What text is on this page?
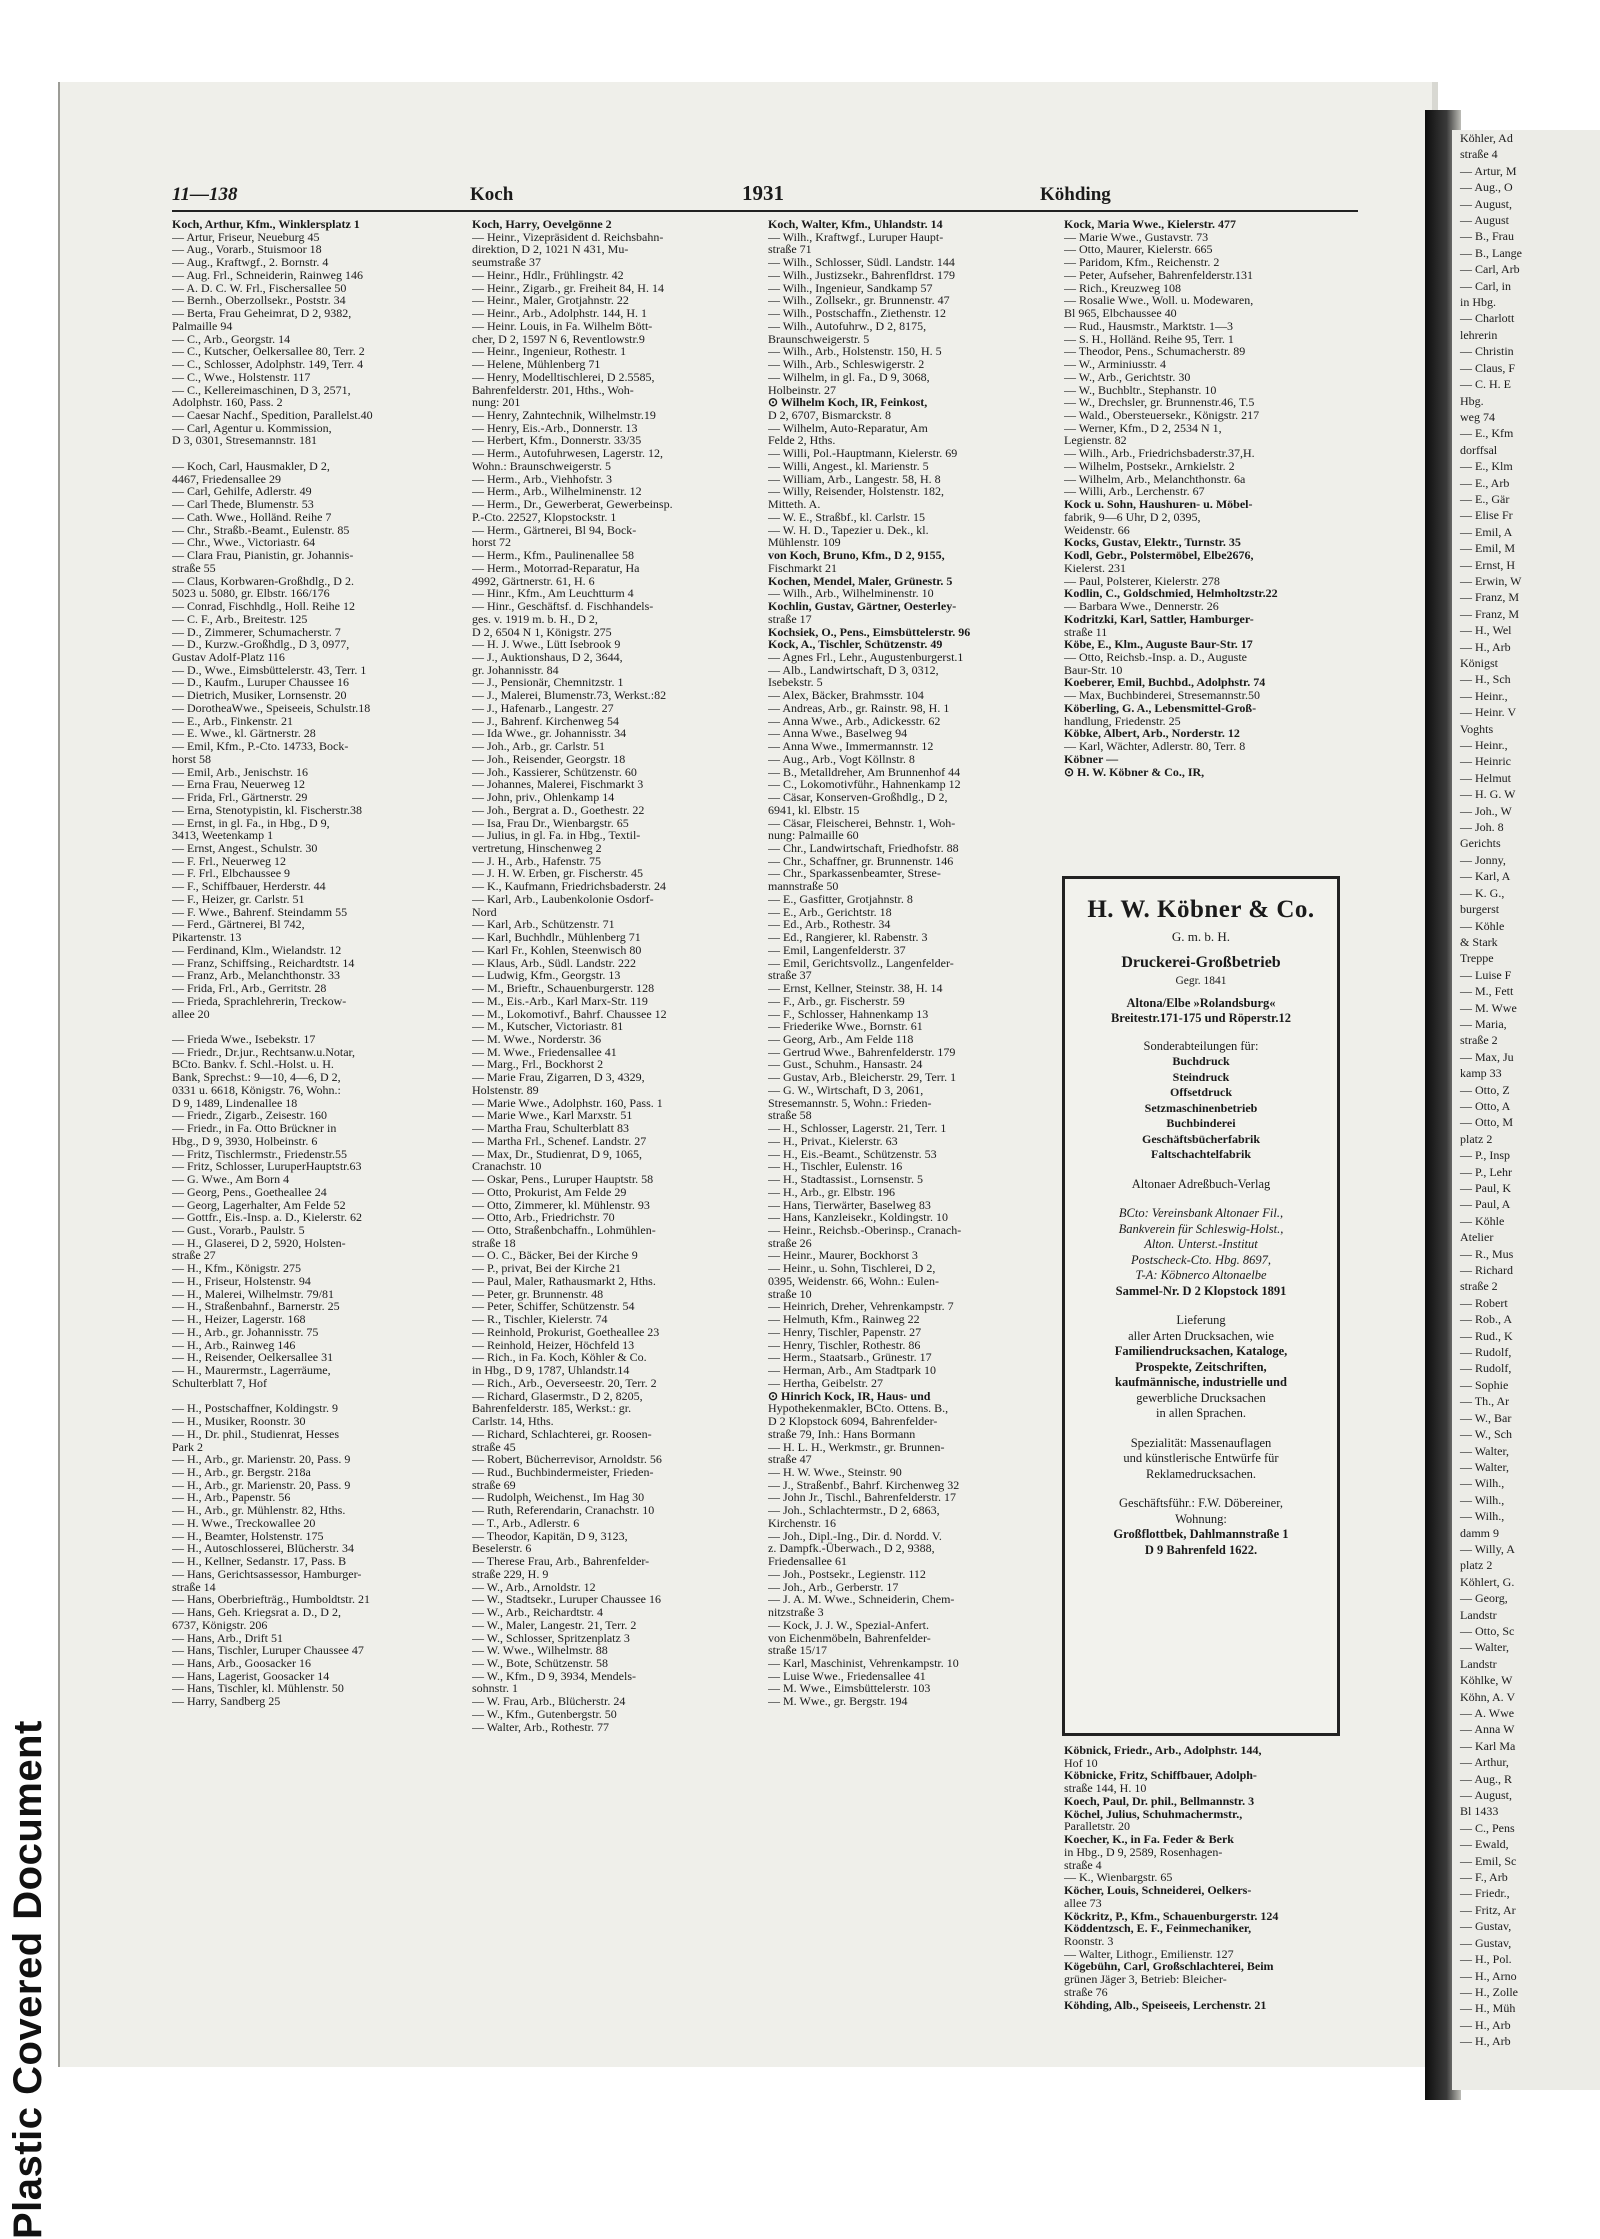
Plastic Covered Document
Köhler, Ad
straße 4
— Artur, M
— Aug., O
— August,
— August
— B., Frau
— B., Lange
— Carl, Arb
— Carl, in
in Hbg.
— Charlott
lehrerin
— Christin
— Claus, F
— C. H. E
Hbg.
weg 74
— E., Kfm
dorffsal
— E., Klm
— E., Arb
— E., Gär
— Elise Fr
— Emil, A
— Emil, M
— Ernst, H
— Erwin, W
— Franz, M
— Franz, M
— H., Wel
— H., Arb
Königst
— H., Sch
— Heinr.,
— Heinr. V
Voghts
— Heinr.,
— Heinric
— Helmut
— H. G. W
— Joh., W
— Joh. 8
Gerichts
— Jonny,
— Karl, A
— K. G.,
burgerst
— Köhle
& Stark
Treppe
— Luise F
— M., Fett
— M. Wwe
— Maria,
straße 2
— Max, Ju
kamp 33
— Otto, Z
— Otto, A
— Otto, M
platz 2
— P., Insp
— P., Lehr
— Paul, K
— Paul, A
— Köhle
Atelier
— R., Mus
— Richard
straße 2
— Robert
— Rob., A
— Rud., K
— Rudolf,
— Rudolf,
— Sophie
— Th., Ar
— W., Bar
— W., Sch
— Walter,
— Walter,
— Wilh.,
— Wilh.,
— Wilh.,
damm 9
— Willy, A
platz 2
Köhlert, G.
— Georg,
Landstr
— Otto, Sc
— Walter,
Landstr
Köhlke, W
Köhn, A. V
— A. Wwe
— Anna W
— Karl Ma
— Arthur,
— Aug., R
— August,
Bl 1433
— C., Pens
— Ewald,
— Emil, Sc
— F., Arb
— Friedr.,
— Fritz, Ar
— Gustav,
— Gustav,
— H., Pol.
— H., Arno
— H., Zolle
— H., Müh
— H., Arb
— H., Arb
11—138	Koch	1931	Köhding
Koch, Arthur, Kfm., Winklersplatz 1
— Artur, Friseur, Neueburg 45
— Aug., Vorarb., Stuismoor 18
— Aug., Kraftwgf., 2. Bornstr. 4
— Aug. Frl., Schneiderin, Rainweg 146
— A. D. C. W. Frl., Fischersallee 50
— Bernh., Oberzollsekr., Poststr. 34
— Berta, Frau Geheimrat, D 2, 9382,
Palmaille 94
— C., Arb., Georgstr. 14
— C., Kutscher, Oelkersallee 80, Terr. 2
— C., Schlosser, Adolphstr. 149, Terr. 4
— C., Wwe., Holstenstr. 117
— C., Kellereimaschinen, D 3, 2571,
Adolphstr. 160, Pass. 2
— Caesar Nachf., Spedition, Parallelst.40
— Carl, Agentur u. Kommission,
D 3, 0301, Stresemannstr. 181
— Koch, Carl, Hausmakler, D 2,
4467, Friedensallee 29
— Carl, Gehilfe, Adlerstr. 49
— Carl Thede, Blumenstr. 53
— Cath. Wwe., Holländ. Reihe 7
— Chr., Straßb.-Beamt., Eulenstr. 85
— Chr., Wwe., Victoriastr. 64
— Clara Frau, Pianistin, gr. Johannis-
straße 55
— Claus, Korbwaren-Großhdlg., D 2.
5023 u. 5080, gr. Elbstr. 166/176
— Conrad, Fischhdlg., Holl. Reihe 12
— C. F., Arb., Breitestr. 125
— D., Zimmerer, Schumacherstr. 7
— D., Kurzw.-Großhdlg., D 3, 0977,
Gustav Adolf-Platz 116
— D., Wwe., Eimsbüttelerstr. 43, Terr. 1
— D., Kaufm., Luruper Chaussee 16
— Dietrich, Musiker, Lornsenstr. 20
— DorotheaWwe., Speiseeis, Schulstr.18
— E., Arb., Finkenstr. 21
— E. Wwe., kl. Gärtnerstr. 28
— Emil, Kfm., P.-Cto. 14733, Bock-
horst 58
— Emil, Arb., Jenischstr. 16
— Erna Frau, Neuerweg 12
— Frida, Frl., Gärtnerstr. 29
— Erna, Stenotypistin, kl. Fischerstr.38
— Ernst, in gl. Fa., in Hbg., D 9,
3413, Weetenkamp 1
— Ernst, Angest., Schulstr. 30
— F. Frl., Neuerweg 12
— F. Frl., Elbchaussee 9
— F., Schiffbauer, Herderstr. 44
— F., Heizer, gr. Carlstr. 51
— F. Wwe., Bahrenf. Steindamm 55
— Ferd., Gärtnerei, Bl 742,
Pikartenstr. 13
— Ferdinand, Klm., Wielandstr. 12
— Franz, Schiffsing., Reichardtstr. 14
— Franz, Arb., Melanchthonstr. 33
— Frida, Frl., Arb., Gerritstr. 28
— Frieda, Sprachlehrerin, Treckow-
allee 20
— Frieda Wwe., Isebekstr. 17
— Friedr., Dr.jur., Rechtsanw.u.Notar,
BCto. Bankv. f. Schl.-Holst. u. H.
Bank, Sprechst.: 9—10, 4—6, D 2,
0331 u. 6618, Königstr. 76, Wohn.:
D 9, 1489, Lindenallee 18
— Friedr., Zigarb., Zeisestr. 160
— Friedr., in Fa. Otto Brückner in
Hbg., D 9, 3930, Holbeinstr. 6
— Fritz, Tischlermstr., Friedenstr.55
— Fritz, Schlosser, LuruperHauptstr.63
— G. Wwe., Am Born 4
— Georg, Pens., Goetheallee 24
— Georg, Lagerhalter, Am Felde 52
— Gottfr., Eis.-Insp. a. D., Kielerstr. 62
— Gust., Vorarb., Paulstr. 5
— H., Glaserei, D 2, 5920, Holsten-
straße 27
— H., Kfm., Königstr. 275
— H., Friseur, Holstenstr. 94
— H., Malerei, Wilhelmstr. 79/81
— H., Straßenbahnf., Barnerstr. 25
— H., Heizer, Lagerstr. 168
— H., Arb., gr. Johannisstr. 75
— H., Arb., Rainweg 146
— H., Reisender, Oelkersallee 31
— H., Maurermstr., Lagerräume,
Schulterblatt 7, Hof
— H., Postschaffner, Koldingstr. 9
— H., Musiker, Roonstr. 30
— H., Dr. phil., Studienrat, Hesses
Park 2
— H., Arb., gr. Marienstr. 20, Pass. 9
— H., Arb., gr. Bergstr. 218a
— H., Arb., gr. Marienstr. 20, Pass. 9
— H., Arb., Papenstr. 56
— H., Arb., gr. Mühlenstr. 82, Hths.
— H. Wwe., Treckowallee 20
— H., Beamter, Holstenstr. 175
— H., Autoschlosserei, Blücherstr. 34
— H., Kellner, Sedanstr. 17, Pass. B
— Hans, Gerichtsassessor, Hamburger-
straße 14
— Hans, Oberbriefträg., Humboldtstr. 21
— Hans, Geh. Kriegsrat a. D., D 2,
6737, Königstr. 206
— Hans, Arb., Drift 51
— Hans, Tischler, Luruper Chaussee 47
— Hans, Arb., Goosacker 16
— Hans, Lagerist, Goosacker 14
— Hans, Tischler, kl. Mühlenstr. 50
— Harry, Sandberg 25
Koch, Harry, Oevelgönne 2
— Heinr., Vizepräsident d. Reichsbahn-
direktion, D 2, 1021 N 431, Mu-
seumstraße 37
— Heinr., Hdlr., Frühlingstr. 42
— Heinr., Zigarb., gr. Freiheit 84, H. 14
— Heinr., Maler, Grotjahnstr. 22
— Heinr., Arb., Adolphstr. 144, H. 1
— Heinr. Louis, in Fa. Wilhelm Bött-
cher, D 2, 1597 N 6, Reventlowstr.9
— Heinr., Ingenieur, Rothestr. 1
— Helene, Mühlenberg 71
— Henry, Modelltischlerei, D 2.5585,
Bahrenfelderstr. 201, Hths., Woh-
nung: 201
— Henry, Zahntechnik, Wilhelmstr.19
— Henry, Eis.-Arb., Donnerstr. 13
— Herbert, Kfm., Donnerstr. 33/35
— Herm., Autofuhrwesen, Lagerstr. 12,
Wohn.: Braunschweigerstr. 5
— Herm., Arb., Viehhofstr. 3
— Herm., Arb., Wilhelminenstr. 12
— Herm., Dr., Gewerberat, Gewerbeinsp.
P.-Cto. 22527, Klopstockstr. 1
— Herm., Gärtnerei, Bl 94, Bock-
horst 72
— Herm., Kfm., Paulinenallee 58
— Herm., Motorrad-Reparatur, Ha
4992, Gärtnerstr. 61, H. 6
— Hinr., Kfm., Am Leuchtturm 4
— Hinr., Geschäftsf. d. Fischhandels-
ges. v. 1919 m. b. H., D 2,
D 2, 6504 N 1, Königstr. 275
— H. J. Wwe., Lütt Isebrook 9
— J., Auktionshaus, D 2, 3644,
gr. Johannisstr. 84
— J., Pensionär, Chemnitzstr. 1
— J., Malerei, Blumenstr.73, Werkst.:82
— J., Hafenarb., Langestr. 27
— J., Bahrenf. Kirchenweg 54
— Ida Wwe., gr. Johannisstr. 34
— Joh., Arb., gr. Carlstr. 51
— Joh., Reisender, Georgstr. 18
— Joh., Kassierer, Schützenstr. 60
— Johannes, Malerei, Fischmarkt 3
— John, priv., Ohlenkamp 14
— Joh., Bergrat a. D., Goethestr. 22
— Isa, Frau Dr., Wienbargstr. 65
— Julius, in gl. Fa. in Hbg., Textil-
vertretung, Hinschenweg 2
— J. H., Arb., Hafenstr. 75
— J. H. W. Erben, gr. Fischerstr. 45
— K., Kaufmann, Friedrichsbaderstr. 24
— Karl, Arb., Laubenkolonie Osdorf-
Nord
— Karl, Arb., Schützenstr. 71
— Karl, Buchhdlr., Mühlenberg 71
— Karl Fr., Kohlen, Steenwisch 80
— Klaus, Arb., Südl. Landstr. 222
— Ludwig, Kfm., Georgstr. 13
— M., Brieftr., Schauenburgerstr. 128
— M., Eis.-Arb., Karl Marx-Str. 119
— M., Lokomotivf., Bahrf. Chaussee 12
— M., Kutscher, Victoriastr. 81
— M. Wwe., Norderstr. 36
— M. Wwe., Friedensallee 41
— Marg., Frl., Bockhorst 2
— Marie Frau, Zigarren, D 3, 4329,
Holstenstr. 89
— Marie Wwe., Adolphstr. 160, Pass. 1
— Marie Wwe., Karl Marxstr. 51
— Martha Frau, Schulterblatt 83
— Martha Frl., Schenef. Landstr. 27
— Max, Dr., Studienrat, D 9, 1065,
Cranachstr. 10
— Oskar, Pens., Luruper Hauptstr. 58
— Otto, Prokurist, Am Felde 29
— Otto, Zimmerer, kl. Mühlenstr. 93
— Otto, Arb., Friedrichstr. 70
— Otto, Straßenbchaffn., Lohmühlen-
straße 18
— O. C., Bäcker, Bei der Kirche 9
— P., privat, Bei der Kirche 21
— Paul, Maler, Rathausmarkt 2, Hths.
— Peter, gr. Brunnenstr. 48
— Peter, Schiffer, Schützenstr. 54
— R., Tischler, Kielerstr. 74
— Reinhold, Prokurist, Goetheallee 23
— Reinhold, Heizer, Höchfeld 13
— Rich., in Fa. Koch, Köhler & Co.
in Hbg., D 9, 1787, Uhlandstr.14
— Rich., Arb., Oeverseestr. 20, Terr. 2
— Richard, Glasermstr., D 2, 8205,
Bahrenfelderstr. 185, Werkst.: gr.
Carlstr. 14, Hths.
— Richard, Schlachterei, gr. Roosen-
straße 45
— Robert, Bücherrevisor, Arnoldstr. 56
— Rud., Buchbindermeister, Frieden-
straße 69
— Rudolph, Weichenst., Im Hag 30
— Ruth, Referendarin, Cranachstr. 10
— T., Arb., Adlerstr. 6
— Theodor, Kapitän, D 9, 3123,
Beselerstr. 6
— Therese Frau, Arb., Bahrenfelder-
straße 229, H. 9
— W., Arb., Arnoldstr. 12
— W., Stadtsekr., Luruper Chaussee 16
— W., Arb., Reichardtstr. 4
— W., Maler, Langestr. 21, Terr. 2
— W., Schlosser, Spritzenplatz 3
— W. Wwe., Wilhelmstr. 88
— W., Bote, Schützenstr. 58
— W., Kfm., D 9, 3934, Mendels-
sohnstr. 1
— W. Frau, Arb., Blücherstr. 24
— W., Kfm., Gutenbergstr. 50
— Walter, Arb., Rothestr. 77
Koch, Walter, Kfm., Uhlandstr. 14
— Wilh., Kraftwgf., Luruper Haupt-
straße 71
— Wilh., Schlosser, Südl. Landstr. 144
— Wilh., Justizsekr., Bahrenfldrst. 179
— Wilh., Ingenieur, Sandkamp 57
— Wilh., Zollsekr., gr. Brunnenstr. 47
— Wilh., Postschaffn., Ziethenstr. 12
— Wilh., Autofuhrw., D 2, 8175,
Braunschweigerstr. 5
— Wilh., Arb., Holstenstr. 150, H. 5
— Wilh., Arb., Schleswigerstr. 2
— Wilhelm, in gl. Fa., D 9, 3068,
Holbeinstr. 27
⊙ Wilhelm Koch, IR, Feinkost,
D 2, 6707, Bismarckstr. 8
— Wilhelm, Auto-Reparatur, Am
Felde 2, Hths.
— Willi, Pol.-Hauptmann, Kielerstr. 69
— Willi, Angest., kl. Marienstr. 5
— William, Arb., Langestr. 58, H. 8
— Willy, Reisender, Holstenstr. 182,
Mitteth. A.
— W. E., Straßbf., kl. Carlstr. 15
— W. H. D., Tapezier u. Dek., kl.
Mühlenstr. 109
von Koch, Bruno, Kfm., D 2, 9155,
Fischmarkt 21
Kochen, Mendel, Maler, Grünestr. 5
— Wilh., Arb., Wilhelminenstr. 10
Kochlin, Gustav, Gärtner, Oesterley-
straße 17
Kochsiek, O., Pens., Eimsbüttelerstr. 96
Kock, A., Tischler, Schützenstr. 49
— Agnes Frl., Lehr., Augustenburgerst.1
— Alb., Landwirtschaft, D 3, 0312,
Isebekstr. 5
— Alex, Bäcker, Brahmsstr. 104
— Andreas, Arb., gr. Rainstr. 98, H. 1
— Anna Wwe., Arb., Adickesstr. 62
— Anna Wwe., Baselweg 94
— Anna Wwe., Immermannstr. 12
— Aug., Arb., Vogt Köllnstr. 8
— B., Metalldreher, Am Brunnenhof 44
— C., Lokomotivführ., Hahnenkamp 12
— Cäsar, Konserven-Großhdlg., D 2,
6941, kl. Elbstr. 15
— Cäsar, Fleischerei, Behnstr. 1, Woh-
nung: Palmaille 60
— Chr., Landwirtschaft, Friedhofstr. 88
— Chr., Schaffner, gr. Brunnenstr. 146
— Chr., Sparkassenbeamter, Strese-
mannstraße 50
— E., Gasfitter, Grotjahnstr. 8
— E., Arb., Gerichtstr. 18
— Ed., Arb., Rothestr. 34
— Ed., Rangierer, kl. Rabenstr. 3
— Emil, Langenfelderstr. 37
— Emil, Gerichtsvollz., Langenfelder-
straße 37
— Ernst, Kellner, Steinstr. 38, H. 14
— F., Arb., gr. Fischerstr. 59
— F., Schlosser, Hahnenkamp 13
— Friederike Wwe., Bornstr. 61
— Georg, Arb., Am Felde 118
— Gertrud Wwe., Bahrenfelderstr. 179
— Gust., Schuhm., Hansastr. 24
— Gustav, Arb., Bleicherstr. 29, Terr. 1
— G. W., Wirtschaft, D 3, 2061,
Stresemannstr. 5, Wohn.: Frieden-
straße 58
— H., Schlosser, Lagerstr. 21, Terr. 1
— H., Privat., Kielerstr. 63
— H., Eis.-Beamt., Schützenstr. 53
— H., Tischler, Eulenstr. 16
— H., Stadtassist., Lornsenstr. 5
— H., Arb., gr. Elbstr. 196
— Hans, Tierwärter, Baselweg 83
— Hans, Kanzleisekr., Koldingstr. 10
— Heinr., Reichsb.-Oberinsp., Cranach-
straße 26
— Heinr., Maurer, Bockhorst 3
— Heinr., u. Sohn, Tischlerei, D 2,
0395, Weidenstr. 66, Wohn.: Eulen-
straße 10
— Heinrich, Dreher, Vehrenkampstr. 7
— Helmuth, Kfm., Rainweg 22
— Henry, Tischler, Papenstr. 27
— Henry, Tischler, Rothestr. 86
— Herm., Staatsarb., Grünestr. 17
— Herman, Arb., Am Stadtpark 10
— Hertha, Geibelstr. 27
⊙ Hinrich Kock, IR, Haus- und
Hypothekenmakler, BCto. Ottens. B.,
D 2 Klopstock 6094, Bahrenfelder-
straße 79, Inh.: Hans Bormann
— H. L. H., Werkmstr., gr. Brunnen-
straße 47
— H. W. Wwe., Steinstr. 90
— J., Straßenbf., Bahrf. Kirchenweg 32
— John Jr., Tischl., Bahrenfelderstr. 17
— Joh., Schlachtermstr., D 2, 6863,
Kirchenstr. 16
— Joh., Dipl.-Ing., Dir. d. Nordd. V.
z. Dampfk.-Überwach., D 2, 9388,
Friedensallee 61
— Joh., Postsekr., Legienstr. 112
— Joh., Arb., Gerberstr. 17
— J. A. M. Wwe., Schneiderin, Chem-
nitzstraße 3
— Kock, J. J. W., Spezial-Anfert.
von Eichenmöbeln, Bahrenfelder-
straße 15/17
— Karl, Maschinist, Vehrenkampstr. 10
— Luise Wwe., Friedensallee 41
— M. Wwe., Eimsbüttelerstr. 103
— M. Wwe., gr. Bergstr. 194
Kock, Maria Wwe., Kielerstr. 477
— Marie Wwe., Gustavstr. 73
— Otto, Maurer, Kielerstr. 665
— Paridom, Kfm., Reichenstr. 2
— Peter, Aufseher, Bahrenfelderstr.131
— Rich., Kreuzweg 108
— Rosalie Wwe., Woll. u. Modewaren,
Bl 965, Elbchaussee 40
— Rud., Hausmstr., Marktstr. 1—3
— S. H., Holländ. Reihe 95, Terr. 1
— Theodor, Pens., Schumacherstr. 89
— W., Arminiusstr. 4
— W., Arb., Gerichtstr. 30
— W., Buchbltr., Stephanstr. 10
— W., Drechsler, gr. Brunnenstr.46, T.5
— Wald., Obersteuersekr., Königstr. 217
— Werner, Kfm., D 2, 2534 N 1,
Legienstr. 82
— Wilh., Arb., Friedrichsbaderstr.37,H.
— Wilhelm, Postsekr., Arnkielstr. 2
— Wilhelm, Arb., Melanchthonstr. 6a
— Willi, Arb., Lerchenstr. 67
Kock u. Sohn, Haushuren- u. Möbel-
fabrik, 9—6 Uhr, D 2, 0395,
Weidenstr. 66
Kocks, Gustav, Elektr., Turnstr. 35
Kodl, Gebr., Polstermöbel, Elbe2676,
Kielerst. 231
— Paul, Polsterer, Kielerstr. 278
Kodlin, C., Goldschmied, Helmholtzstr.22
— Barbara Wwe., Dennerstr. 26
Kodritzki, Karl, Sattler, Hamburger-
straße 11
Köbe, E., Klm., Auguste Baur-Str. 17
— Otto, Reichsb.-Insp. a. D., Auguste
Baur-Str. 10
Koeberer, Emil, Buchbd., Adolphstr. 74
— Max, Buchbinderei, Stresemannstr.50
Köberling, G. A., Lebensmittel-Groß-
handlung, Friedenstr. 25
Köbke, Albert, Arb., Norderstr. 12
— Karl, Wächter, Adlerstr. 80, Terr. 8
Köbner —
⊙ H. W. Köbner & Co., IR,
Köbnick, Friedr., Arb., Adolphstr. 144,
Hof 10
Köbnicke, Fritz, Schiffbauer, Adolph-
straße 144, H. 10
Koech, Paul, Dr. phil., Bellmannstr. 3
Köchel, Julius, Schuhmachermstr.,
Paralletstr. 20
Koecher, K., in Fa. Feder & Berk
in Hbg., D 9, 2589, Rosenhagen-
straße 4
— K., Wienbargstr. 65
Köcher, Louis, Schneiderei, Oelkers-
allee 73
Köckritz, P., Kfm., Schauenburgerstr. 124
Köddentzsch, E. F., Feinmechaniker,
Roonstr. 3
— Walter, Lithogr., Emilienstr. 127
Kögebühn, Carl, Großschlachterei, Beim
grünen Jäger 3, Betrieb: Bleicher-
straße 76
Köhding, Alb., Speiseeis, Lerchenstr. 21
H. W. Köbner & Co.
G. m. b. H.
Druckerei-Großbetrieb
Gegr. 1841
Altona/Elbe »Rolandsburg«
Breitestr.171-175 und Röperstr.12
Sonderabteilungen für:
Buchdruck
Steindruck
Offsetdruck
Setzmaschinenbetrieb
Buchbinderei
Geschäftsbücherfabrik
Faltschachtelfabrik
Altonaer Adreßbuch-Verlag
BCto: Vereinsbank Altonaer Fil.,
Bankverein für Schleswig-Holst.,
Alton. Unterst.-Institut
Postscheck-Cto. Hbg. 8697,
T-A: Köbnerco Altonaelbe
Sammel-Nr. D 2 Klopstock 1891
Lieferung
aller Arten Drucksachen, wie
Familiendrucksachen, Kataloge,
Prospekte, Zeitschriften,
kaufmännische, industrielle und
gewerbliche Drucksachen
in allen Sprachen.
Spezialität: Massenauflagen
und künstlerische Entwürfe für
Reklamedrucksachen.
Geschäftsführ.: F.W. Döbereiner,
Wohnung:
Großflottbek, Dahlmannstraße 1
D 9 Bahrenfeld 1622.
